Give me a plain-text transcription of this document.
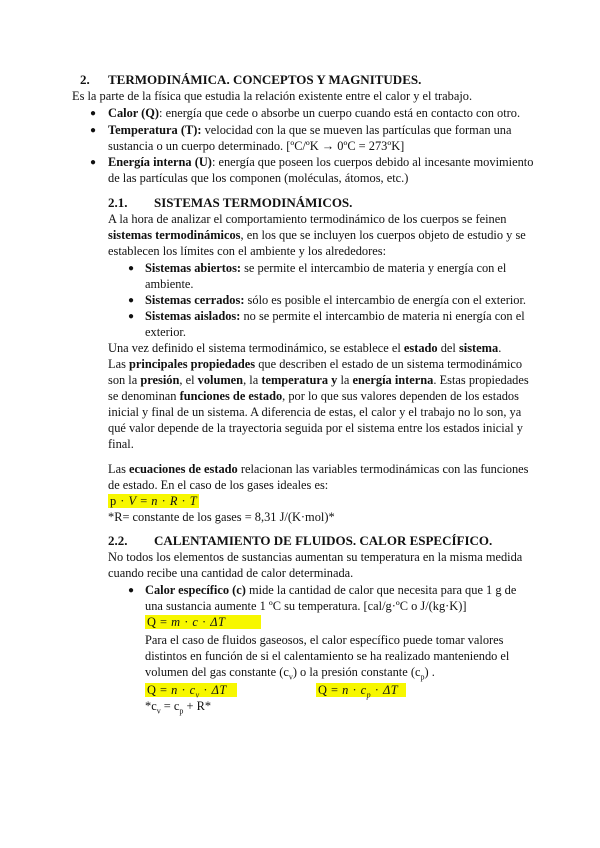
2. TERMODINÁMICA. CONCEPTOS Y MAGNITUDES.
Es la parte de la física que estudia la relación existente entre el calor y el trabajo.
● Calor (Q): energía que cede o absorbe un cuerpo cuando está en contacto con otro.
● Temperatura (T): velocidad con la que se mueven las partículas que forman una
sustancia o un cuerpo determinado. [ºC/ºK → 0ºC = 273ºK]
● Energía interna (U): energía que poseen los cuerpos debido al incesante movimiento
de las partículas que los componen (moléculas, átomos, etc.)
2.1. SISTEMAS TERMODINÁMICOS.
A la hora de analizar el comportamiento termodinámico de los cuerpos se feinen
sistemas termodinámicos, en los que se incluyen los cuerpos objeto de estudio y se
establecen los límites con el ambiente y los alrededores:
● Sistemas abiertos: se permite el intercambio de materia y energía con el
ambiente.
● Sistemas cerrados: sólo es posible el intercambio de energía con el exterior.
● Sistemas aislados: no se permite el intercambio de materia ni energía con el
exterior.
Una vez definido el sistema termodinámico, se establece el estado del sistema.
Las principales propiedades que describen el estado de un sistema termodinámico
son la presión, el volumen, la temperatura y la energía interna. Estas propiedades
se denominan funciones de estado, por lo que sus valores dependen de los estados
inicial y final de un sistema. A diferencia de estas, el calor y el trabajo no lo son, ya
qué valor depende de la trayectoria seguida por el sistema entre los estados inicial y
final.
Las ecuaciones de estado relacionan las variables termodinámicas con las funciones
de estado. En el caso de los gases ideales es:
p · V = n · R · T
*R= constante de los gases = 8,31 J/(K·mol)*
2.2. CALENTAMIENTO DE FLUIDOS. CALOR ESPECÍFICO.
No todos los elementos de sustancias aumentan su temperatura en la misma medida
cuando recibe una cantidad de calor determinada.
● Calor específico (c) mide la cantidad de calor que necesita para que 1 g de
una sustancia aumente 1 ºC su temperatura. [cal/g·ºC o J/(kg·K)]
Q = m · c · ΔT
Para el caso de fluidos gaseosos, el calor específico puede tomar valores
distintos en función de si el calentamiento se ha realizado manteniendo el
volumen del gas constante $(c_v)$ o la presión constante $(c_p)$ .
$Q = n \cdot c_v \cdot \Delta T$	$Q = n \cdot c_p \cdot \Delta T$
$*c_v = c_p + R*$
